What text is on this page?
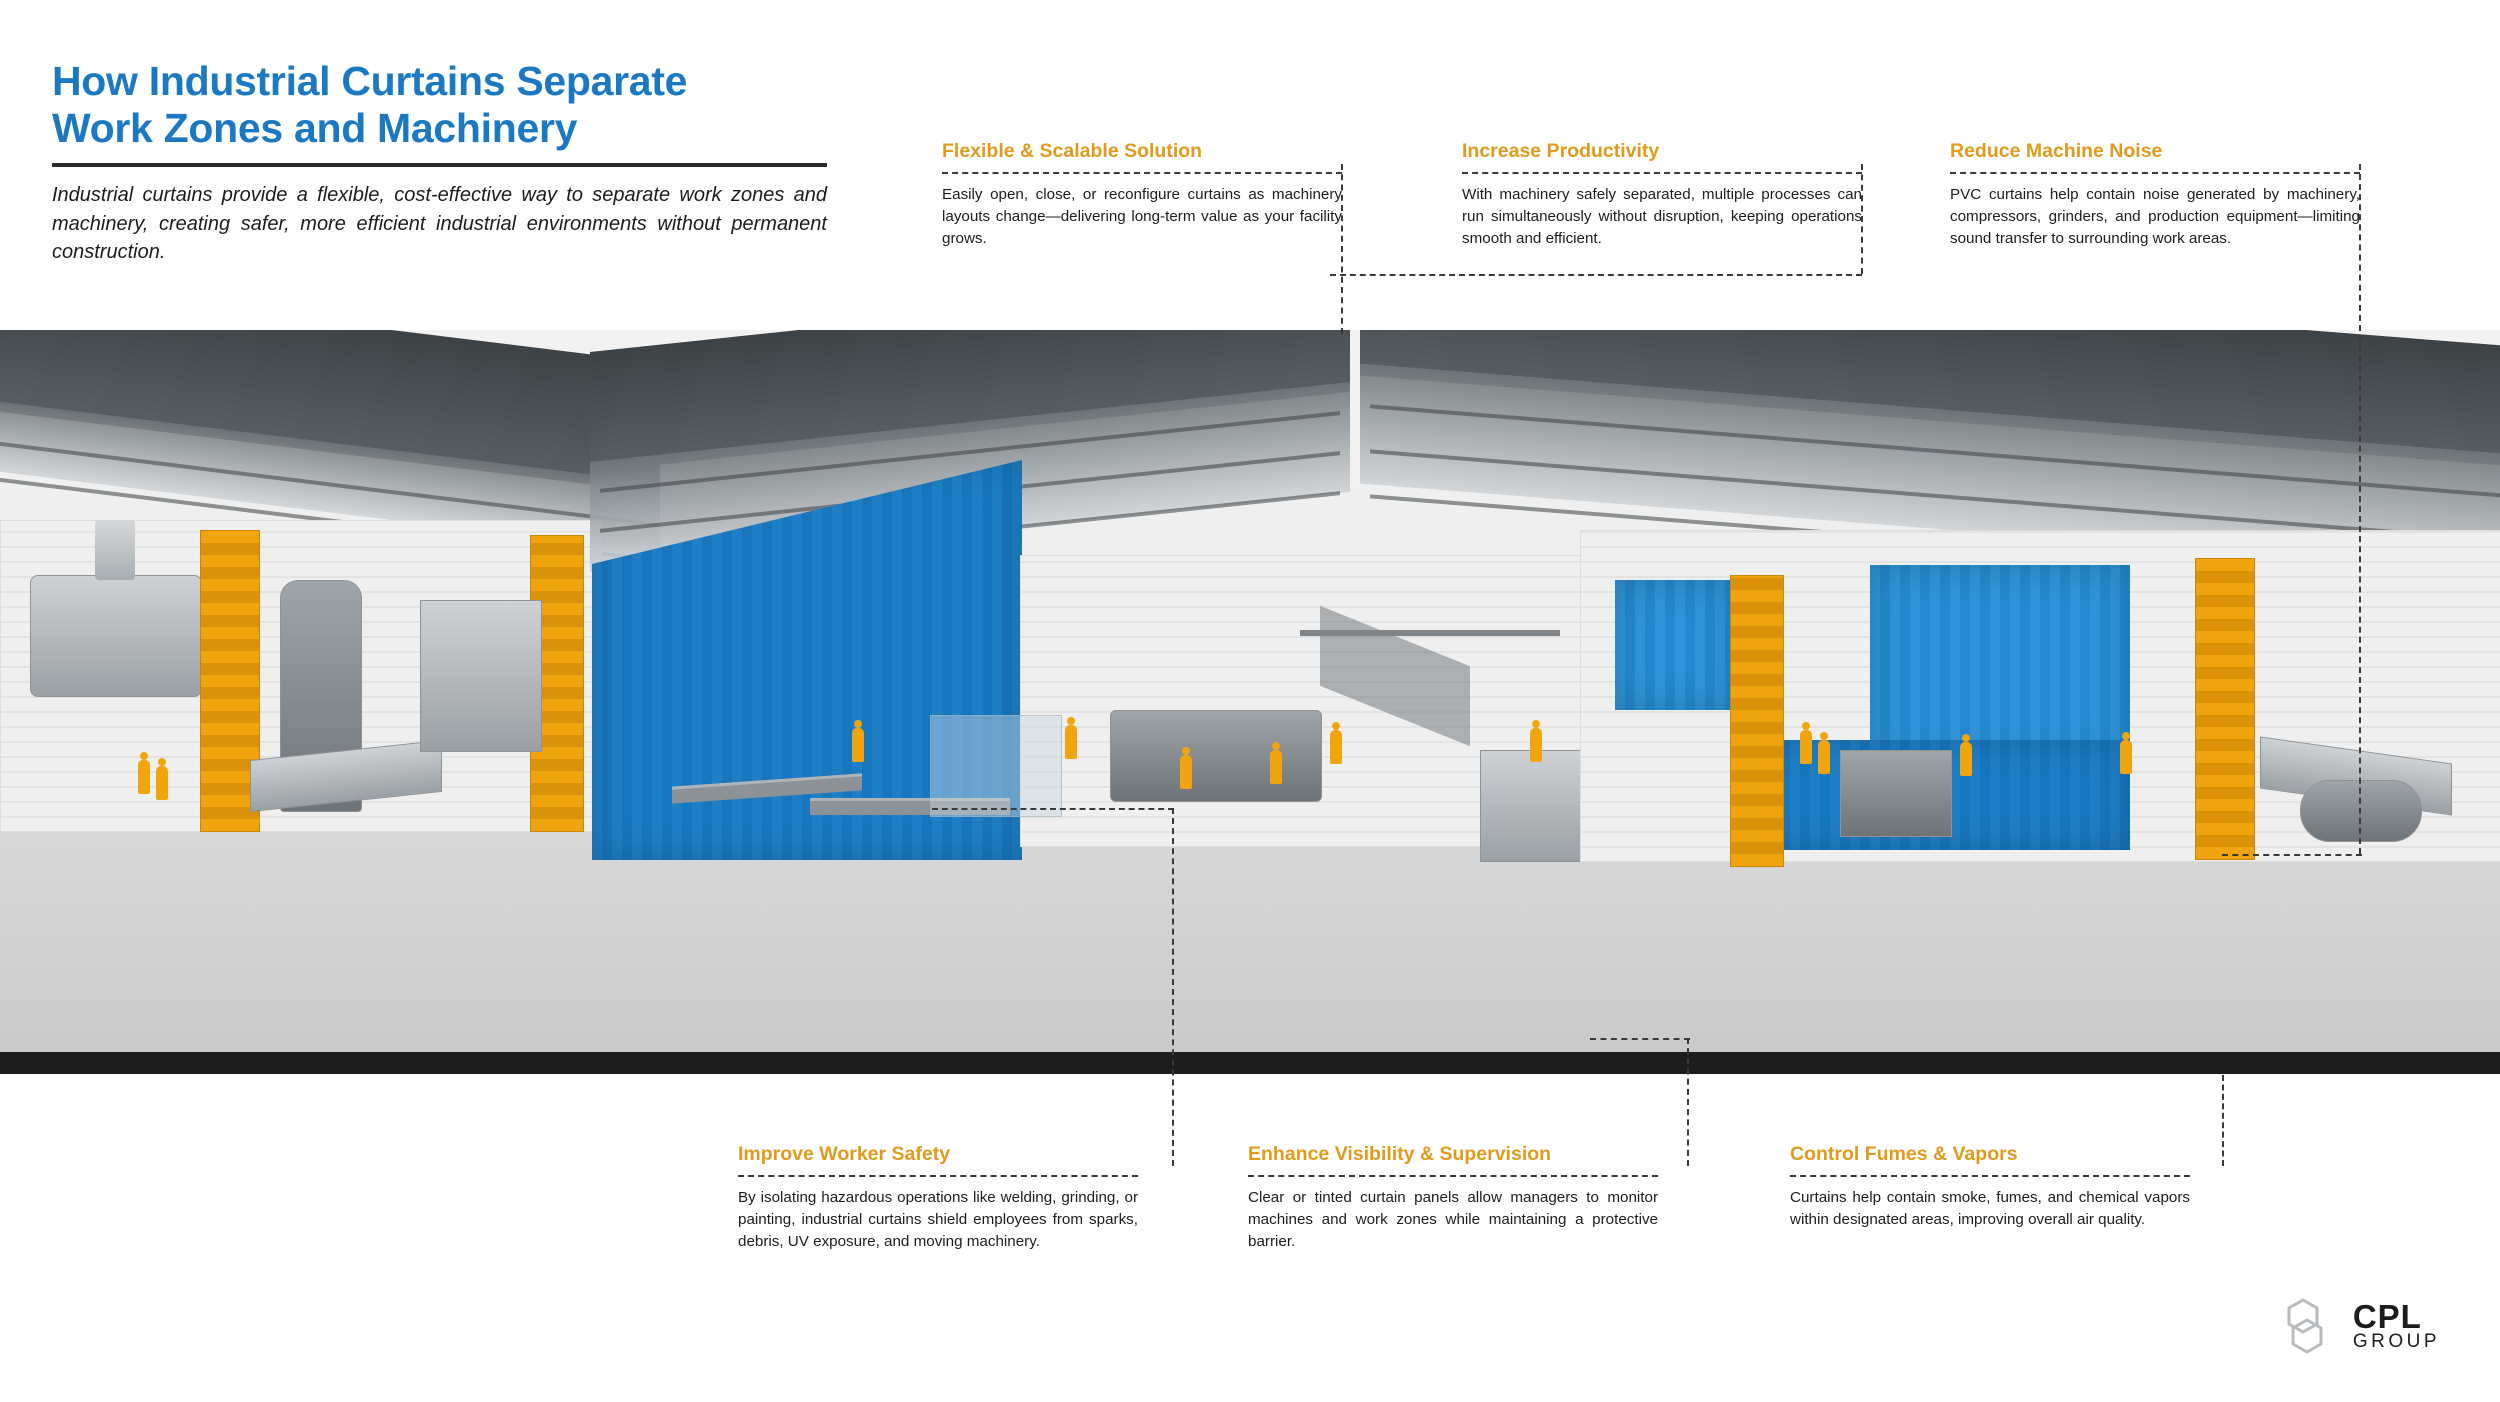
How Industrial Curtains Separate
Work Zones and Machinery

Industrial curtains provide a flexible, cost-effective way to separate work zones and machinery, creating safer, more efficient industrial environments without permanent construction.

Flexible & Scalable Solution
Easily open, close, or reconfigure curtains as machinery layouts change—delivering long-term value as your facility grows.
Increase Productivity
With machinery safely separated, multiple processes can run simultaneously without disruption, keeping operations smooth and efficient.
Reduce Machine Noise
PVC curtains help contain noise generated by machinery, compressors, grinders, and production equipment—limiting sound transfer to surrounding work areas.
Improve Worker Safety
By isolating hazardous operations like welding, grinding, or painting, industrial curtains shield employees from sparks, debris, UV exposure, and moving machinery.
Enhance Visibility & Supervision
Clear or tinted curtain panels allow managers to monitor machines and work zones while maintaining a protective barrier.
Control Fumes & Vapors
Curtains help contain smoke, fumes, and chemical vapors within designated areas, improving overall air quality.
CPL
GROUP
